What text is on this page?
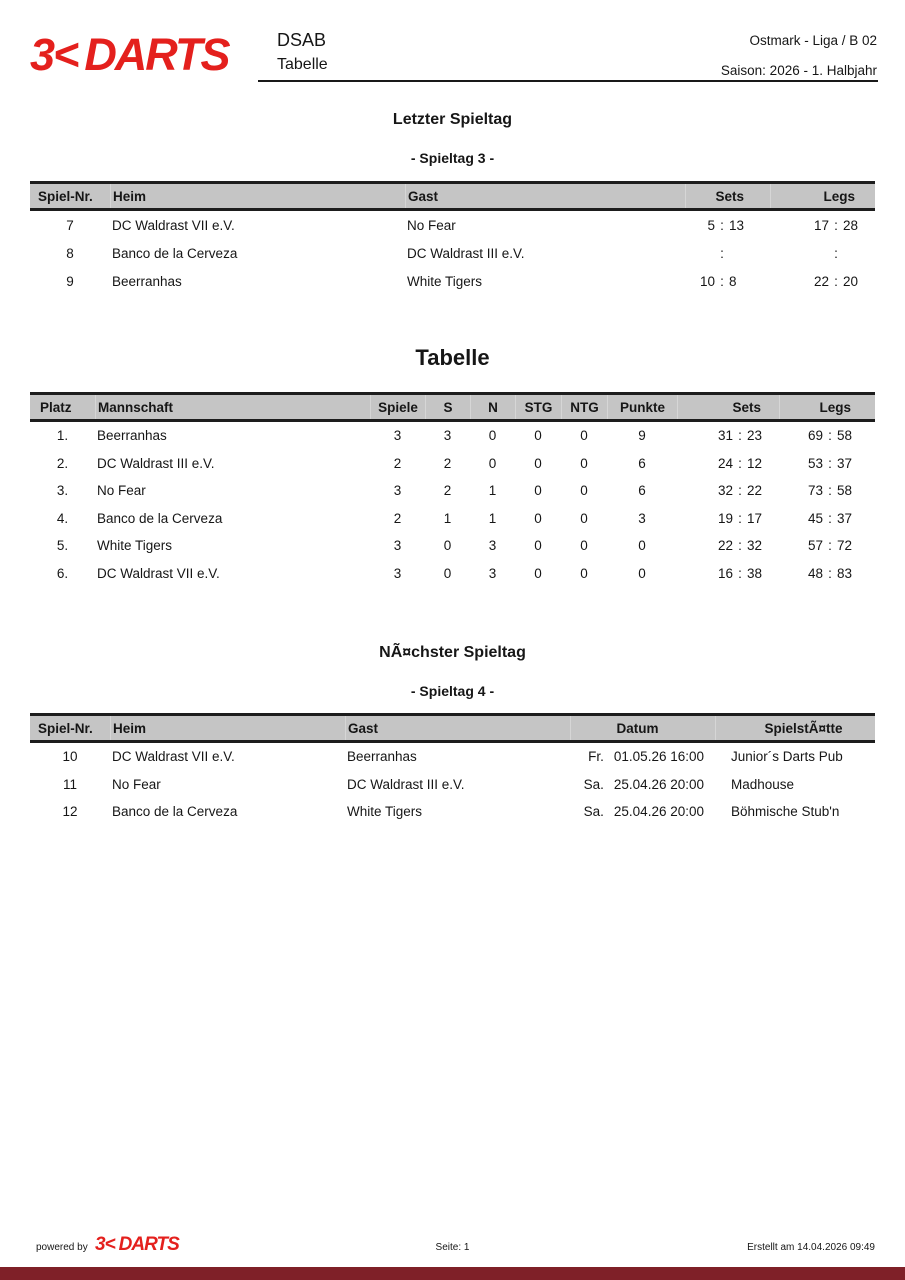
3< DARTS	DSAB
Tabelle
Ostmark - Liga / B 02
Saison: 2026 - 1. Halbjahr
Letzter Spieltag
- Spieltag 3 -
Spiel-Nr.	Heim	Gast	Sets	Legs
7	DC Waldrast VII e.V.	No Fear	5 : 13	17 : 28
8	Banco de la Cerveza	DC Waldrast III e.V.	:	:
9	Beerranhas	White Tigers	10 : 8	22 : 20
Tabelle
Platz	Mannschaft	Spiele	S	N	STG	NTG	Punkte	Sets	Legs
1.	Beerranhas	3	3	0	0	0	9	31 : 23	69 : 58
2.	DC Waldrast III e.V.	2	2	0	0	0	6	24 : 12	53 : 37
3.	No Fear	3	2	1	0	0	6	32 : 22	73 : 58
4.	Banco de la Cerveza	2	1	1	0	0	3	19 : 17	45 : 37
5.	White Tigers	3	0	3	0	0	0	22 : 32	57 : 72
6.	DC Waldrast VII e.V.	3	0	3	0	0	0	16 : 38	48 : 83
NÃ¤chster Spieltag
- Spieltag 4 -
Spiel-Nr.	Heim	Gast	Datum	SpielstÃ¤tte
10	DC Waldrast VII e.V.	Beerranhas	Fr. 01.05.26 16:00	Junior´s Darts Pub
11	No Fear	DC Waldrast III e.V.	Sa. 25.04.26 20:00	Madhouse
12	Banco de la Cerveza	White Tigers	Sa. 25.04.26 20:00	Böhmische Stub'n
powered by 3< DARTS	Seite: 1	Erstellt am 14.04.2026 09:49
